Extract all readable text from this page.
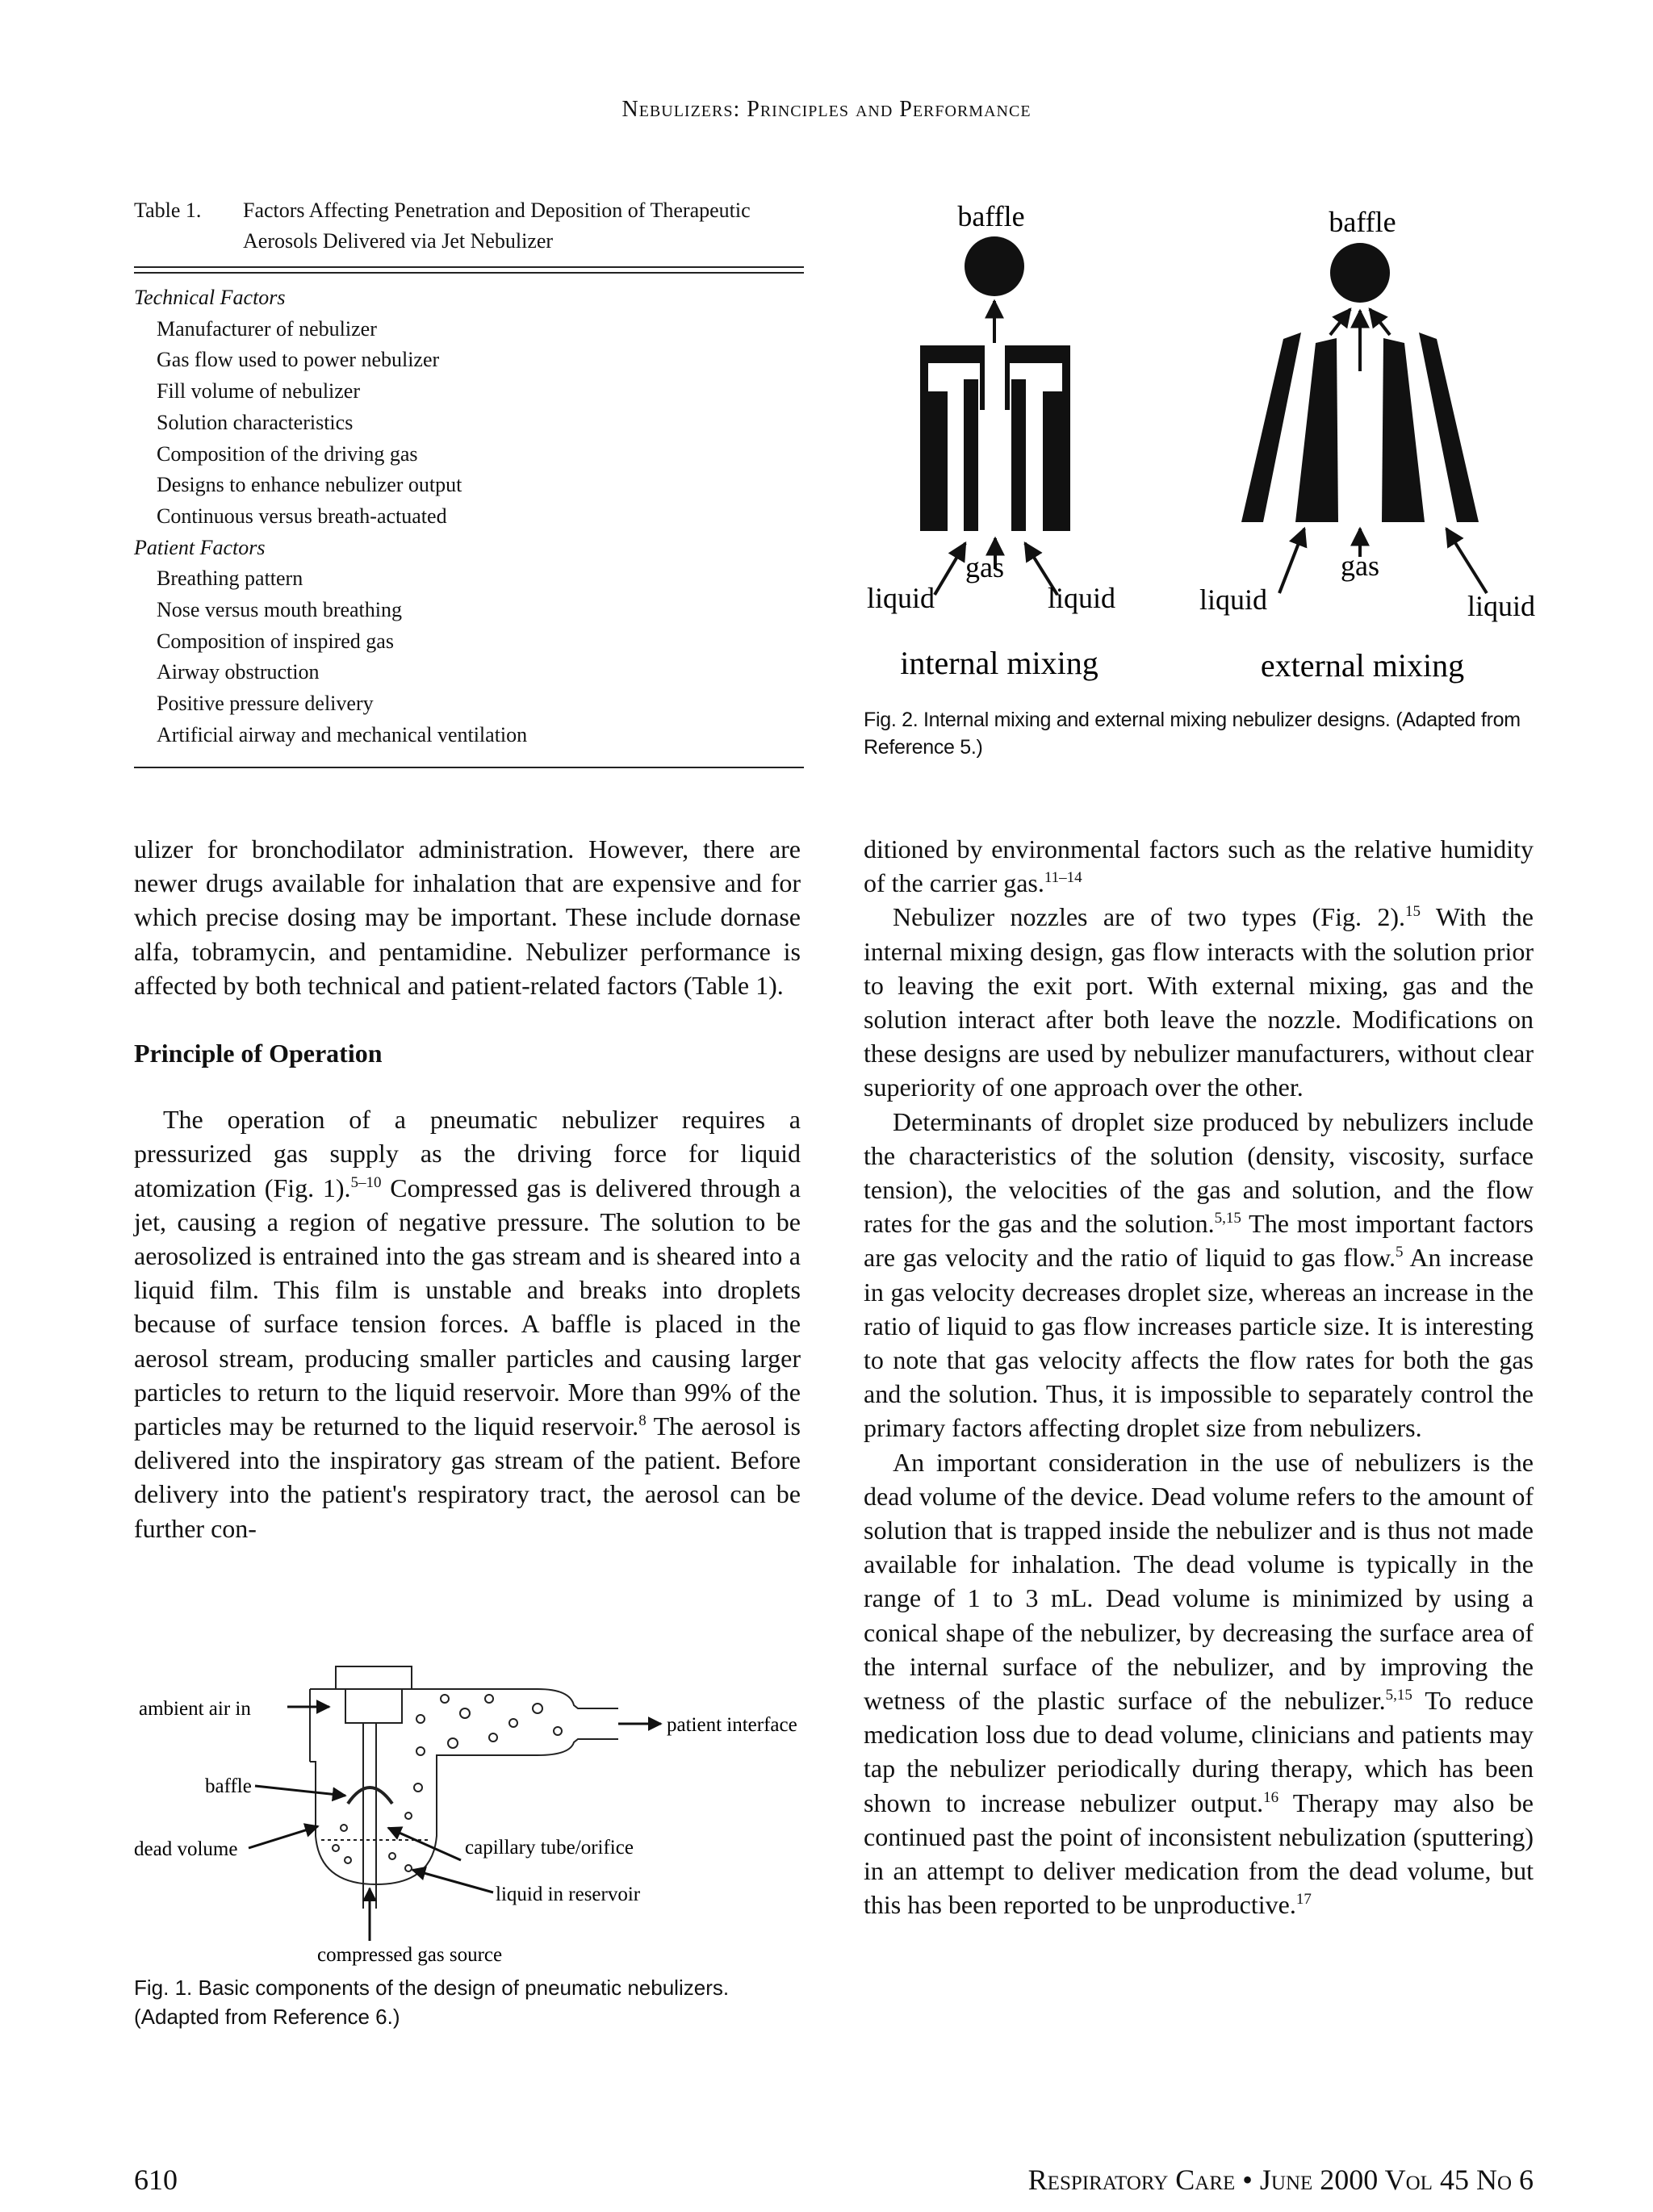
Nebulizers: Principles and Performance
Table 1. Factors Affecting Penetration and Deposition of Therapeutic Aerosols Delivered via Jet Nebulizer
Technical Factors
Manufacturer of nebulizer
Gas flow used to power nebulizer
Fill volume of nebulizer
Solution characteristics
Composition of the driving gas
Designs to enhance nebulizer output
Continuous versus breath-actuated
Patient Factors
Breathing pattern
Nose versus mouth breathing
Composition of inspired gas
Airway obstruction
Positive pressure delivery
Artificial airway and mechanical ventilation
baffle
gas
liquid	liquid
internal mixing
baffle
gas
liquid	liquid
external mixing
Fig. 2. Internal mixing and external mixing nebulizer designs. (Adapted from Reference 5.)

ulizer for bronchodilator administration. However, there are newer drugs available for inhalation that are expensive and for which precise dosing may be important. These include dornase alfa, tobramycin, and pentamidine. Nebulizer performance is affected by both technical and patient-related factors (Table 1).

Principle of Operation

The operation of a pneumatic nebulizer requires a pressurized gas supply as the driving force for liquid atomization (Fig. 1).$^{5-10}$ Compressed gas is delivered through a jet, causing a region of negative pressure. The solution to be aerosolized is entrained into the gas stream and is sheared into a liquid film. This film is unstable and breaks into droplets because of surface tension forces. A baffle is placed in the aerosol stream, producing smaller particles and causing larger particles to return to the liquid reservoir. More than 99% of the particles may be returned to the liquid reservoir.$^8$ The aerosol is delivered into the inspiratory gas stream of the patient. Before delivery into the patient's respiratory tract, the aerosol can be further con-

ambient air in
patient interface
baffle
dead volume	capillary tube/orifice
liquid in reservoir
compressed gas source
Fig. 1. Basic components of the design of pneumatic nebulizers. (Adapted from Reference 6.)

ditioned by environmental factors such as the relative humidity of the carrier gas.$^{11-14}$

Nebulizer nozzles are of two types (Fig. 2).$^{15}$ With the internal mixing design, gas flow interacts with the solution prior to leaving the exit port. With external mixing, gas and the solution interact after both leave the nozzle. Modifications on these designs are used by nebulizer manufacturers, without clear superiority of one approach over the other.

Determinants of droplet size produced by nebulizers include the characteristics of the solution (density, viscosity, surface tension), the velocities of the gas and solution, and the flow rates for the gas and the solution.$^{5,15}$ The most important factors are gas velocity and the ratio of liquid to gas flow.$^5$ An increase in gas velocity decreases droplet size, whereas an increase in the ratio of liquid to gas flow increases particle size. It is interesting to note that gas velocity affects the flow rates for both the gas and the solution. Thus, it is impossible to separately control the primary factors affecting droplet size from nebulizers.

An important consideration in the use of nebulizers is the dead volume of the device. Dead volume refers to the amount of solution that is trapped inside the nebulizer and is thus not made available for inhalation. The dead volume is typically in the range of 1 to 3 mL. Dead volume is minimized by using a conical shape of the nebulizer, by decreasing the surface area of the internal surface of the nebulizer, and by improving the wetness of the plastic surface of the nebulizer.$^{5,15}$ To reduce medication loss due to dead volume, clinicians and patients may tap the nebulizer periodically during therapy, which has been shown to increase nebulizer output.$^{16}$ Therapy may also be continued past the point of inconsistent nebulization (sputtering) in an attempt to deliver medication from the dead volume, but this has been reported to be unproductive.$^{17}$

610	Respiratory Care • June 2000 Vol 45 No 6
